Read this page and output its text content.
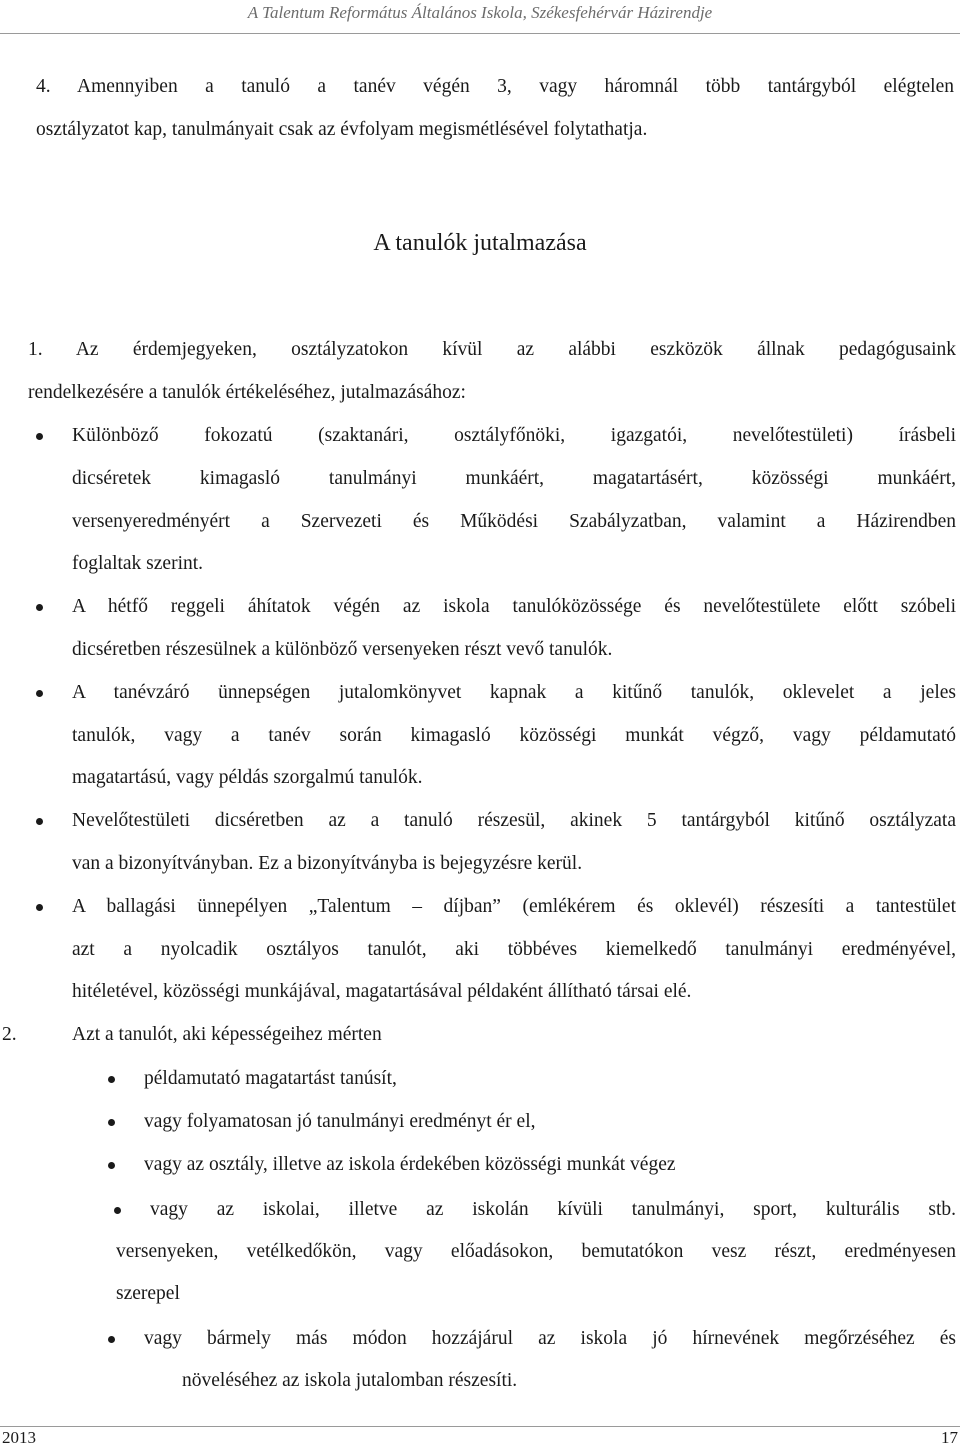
A Talentum Református Általános Iskola, Székesfehérvár Házirendje
4. Amennyiben a tanuló a tanév végén 3, vagy háromnál több tantárgyból elégtelen
osztályzatot kap, tanulmányait csak az évfolyam megismétlésével folytathatja.
A tanulók jutalmazása
1. Az érdemjegyeken, osztályzatokon kívül az alábbi eszközök állnak pedagógusaink
rendelkezésére a tanulók értékeléséhez, jutalmazásához:
Különböző fokozatú (szaktanári, osztályfőnöki, igazgatói, nevelőtestületi) írásbeli
dicséretek kimagasló tanulmányi munkáért, magatartásért, közösségi munkáért,
versenyeredményért a Szervezeti és Működési Szabályzatban, valamint a Házirendben
foglaltak szerint.
A hétfő reggeli áhítatok végén az iskola tanulóközössége és nevelőtestülete előtt szóbeli
dicséretben részesülnek a különböző versenyeken részt vevő tanulók.
A tanévzáró ünnepségen jutalomkönyvet kapnak a kitűnő tanulók, oklevelet a jeles
tanulók, vagy a tanév során kimagasló közösségi munkát végző, vagy példamutató
magatartású, vagy példás szorgalmú tanulók.
Nevelőtestületi dicséretben az a tanuló részesül, akinek 5 tantárgyból kitűnő osztályzata
van a bizonyítványban. Ez a bizonyítványba is bejegyzésre kerül.
A ballagási ünnepélyen „Talentum – díjban” (emlékérem és oklevél) részesíti a tantestület
azt a nyolcadik osztályos tanulót, aki többéves kiemelkedő tanulmányi eredményével,
hitéletével, közösségi munkájával, magatartásával példaként állítható társai elé.
2.	Azt a tanulót, aki képességeihez mérten
példamutató magatartást tanúsít,
vagy folyamatosan jó tanulmányi eredményt ér el,
vagy az osztály, illetve az iskola érdekében közösségi munkát végez
vagy az iskolai, illetve az iskolán kívüli tanulmányi, sport, kulturális stb.
versenyeken, vetélkedőkön, vagy előadásokon, bemutatókon vesz részt, eredményesen
szerepel
vagy bármely más módon hozzájárul az iskola jó hírnevének megőrzéséhez és
növeléséhez az iskola jutalomban részesíti.
2013	17
